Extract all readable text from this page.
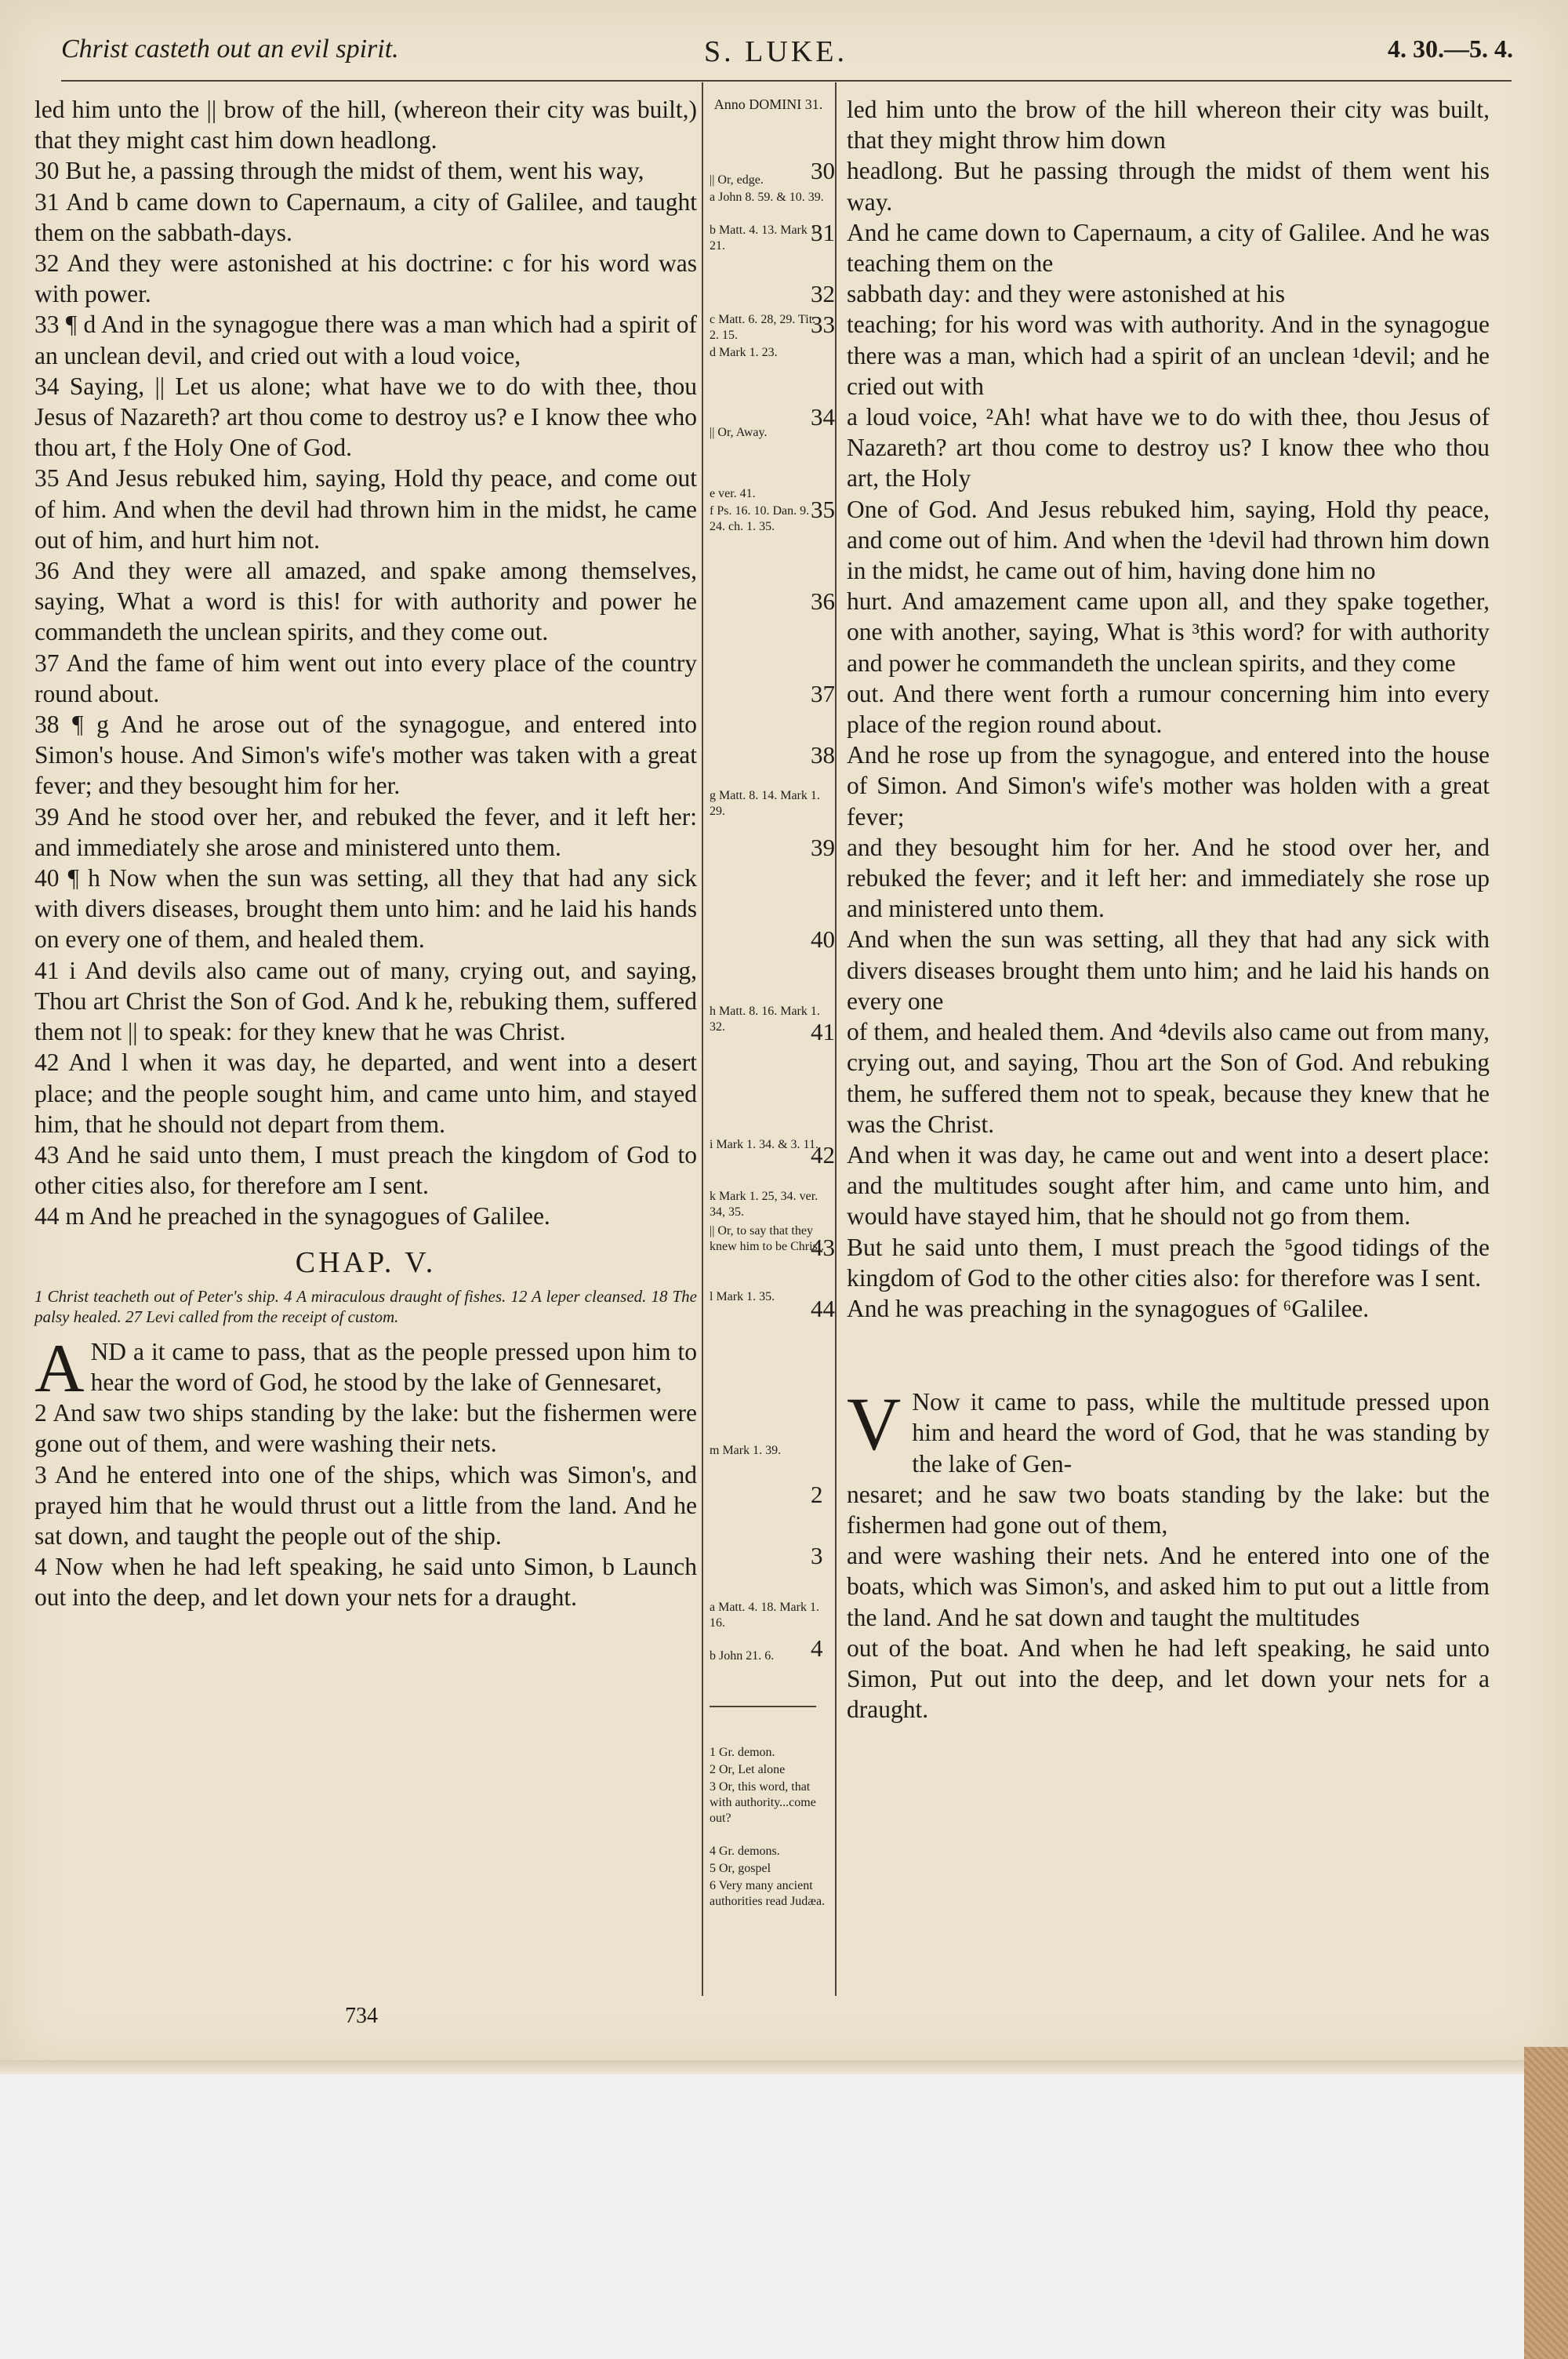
Christ casteth out an evil spirit.	S. LUKE.	4. 30.—5. 4.

led him unto the || brow of the hill, (whereon their city was built,) that they might cast him down headlong.

30 But he, a passing through the midst of them, went his way,

31 And b came down to Capernaum, a city of Galilee, and taught them on the sabbath-days.

32 And they were astonished at his doctrine: c for his word was with power.

33 ¶ d And in the synagogue there was a man which had a spirit of an unclean devil, and cried out with a loud voice,

34 Saying, || Let us alone; what have we to do with thee, thou Jesus of Nazareth? art thou come to destroy us? e I know thee who thou art, f the Holy One of God.

35 And Jesus rebuked him, saying, Hold thy peace, and come out of him. And when the devil had thrown him in the midst, he came out of him, and hurt him not.

36 And they were all amazed, and spake among themselves, saying, What a word is this! for with authority and power he commandeth the unclean spirits, and they come out.

37 And the fame of him went out into every place of the country round about.

38 ¶ g And he arose out of the synagogue, and entered into Simon's house. And Simon's wife's mother was taken with a great fever; and they besought him for her.

39 And he stood over her, and rebuked the fever, and it left her: and immediately she arose and ministered unto them.

40 ¶ h Now when the sun was setting, all they that had any sick with divers diseases, brought them unto him: and he laid his hands on every one of them, and healed them.

41 i And devils also came out of many, crying out, and saying, Thou art Christ the Son of God. And k he, rebuking them, suffered them not || to speak: for they knew that he was Christ.

42 And l when it was day, he departed, and went into a desert place; and the people sought him, and came unto him, and stayed him, that he should not depart from them.

43 And he said unto them, I must preach the kingdom of God to other cities also, for therefore am I sent.

44 m And he preached in the synagogues of Galilee.

CHAP. V.
1 Christ teacheth out of Peter's ship. 4 A miraculous draught of fishes. 12 A leper cleansed. 18 The palsy healed. 27 Levi called from the receipt of custom.

AND a it came to pass, that as the people pressed upon him to hear the word of God, he stood by the lake of Gennesaret,

2 And saw two ships standing by the lake: but the fishermen were gone out of them, and were washing their nets.

3 And he entered into one of the ships, which was Simon's, and prayed him that he would thrust out a little from the land. And he sat down, and taught the people out of the ship.

4 Now when he had left speaking, he said unto Simon, b Launch out into the deep, and let down your nets for a draught.

Anno DOMINI 31.
|| Or, edge.
a John 8. 59. & 10. 39.
b Matt. 4. 13. Mark 1. 21.
c Matt. 6. 28, 29. Tit. 2. 15.
d Mark 1. 23.
|| Or, Away.
e ver. 41.
f Ps. 16. 10. Dan. 9. 24. ch. 1. 35.
g Matt. 8. 14. Mark 1. 29.
h Matt. 8. 16. Mark 1. 32.
i Mark 1. 34. & 3. 11.
k Mark 1. 25, 34. ver. 34, 35.
|| Or, to say that they knew him to be Christ.
l Mark 1. 35.
m Mark 1. 39.
a Matt. 4. 18. Mark 1. 16.
b John 21. 6.
1 Gr. demon.
2 Or, Let alone
3 Or, this word, that with authority...come out?
4 Gr. demons.
5 Or, gospel
6 Very many ancient authorities read Judæa.

led him unto the brow of the hill whereon their city was built, that they might throw him down

30 headlong. But he passing through the midst of them went his way.

31 And he came down to Capernaum, a city of Galilee. And he was teaching them on the

32 sabbath day: and they were astonished at his

33 teaching; for his word was with authority. And in the synagogue there was a man, which had a spirit of an unclean ¹devil; and he cried out with

34 a loud voice, ²Ah! what have we to do with thee, thou Jesus of Nazareth? art thou come to destroy us? I know thee who thou art, the Holy

35 One of God. And Jesus rebuked him, saying, Hold thy peace, and come out of him. And when the ¹devil had thrown him down in the midst, he came out of him, having done him no

36 hurt. And amazement came upon all, and they spake together, one with another, saying, What is ³this word? for with authority and power he commandeth the unclean spirits, and they come

37 out. And there went forth a rumour concerning him into every place of the region round about.

38 And he rose up from the synagogue, and entered into the house of Simon. And Simon's wife's mother was holden with a great fever;

39 and they besought him for her. And he stood over her, and rebuked the fever; and it left her: and immediately she rose up and ministered unto them.

40 And when the sun was setting, all they that had any sick with divers diseases brought them unto him; and he laid his hands on every one

41 of them, and healed them. And ⁴devils also came out from many, crying out, and saying, Thou art the Son of God. And rebuking them, he suffered them not to speak, because they knew that he was the Christ.

42 And when it was day, he came out and went into a desert place: and the multitudes sought after him, and came unto him, and would have stayed him, that he should not go from them.

43 But he said unto them, I must preach the ⁵good tidings of the kingdom of God to the other cities also: for therefore was I sent.

44 And he was preaching in the synagogues of ⁶Galilee.

V Now it came to pass, while the multitude pressed upon him and heard the word of God, that he was standing by the lake of Gen-

2 nesaret; and he saw two boats standing by the lake: but the fishermen had gone out of them,

3 and were washing their nets. And he entered into one of the boats, which was Simon's, and asked him to put out a little from the land. And he sat down and taught the multitudes

4 out of the boat. And when he had left speaking, he said unto Simon, Put out into the deep, and let down your nets for a draught.

734
